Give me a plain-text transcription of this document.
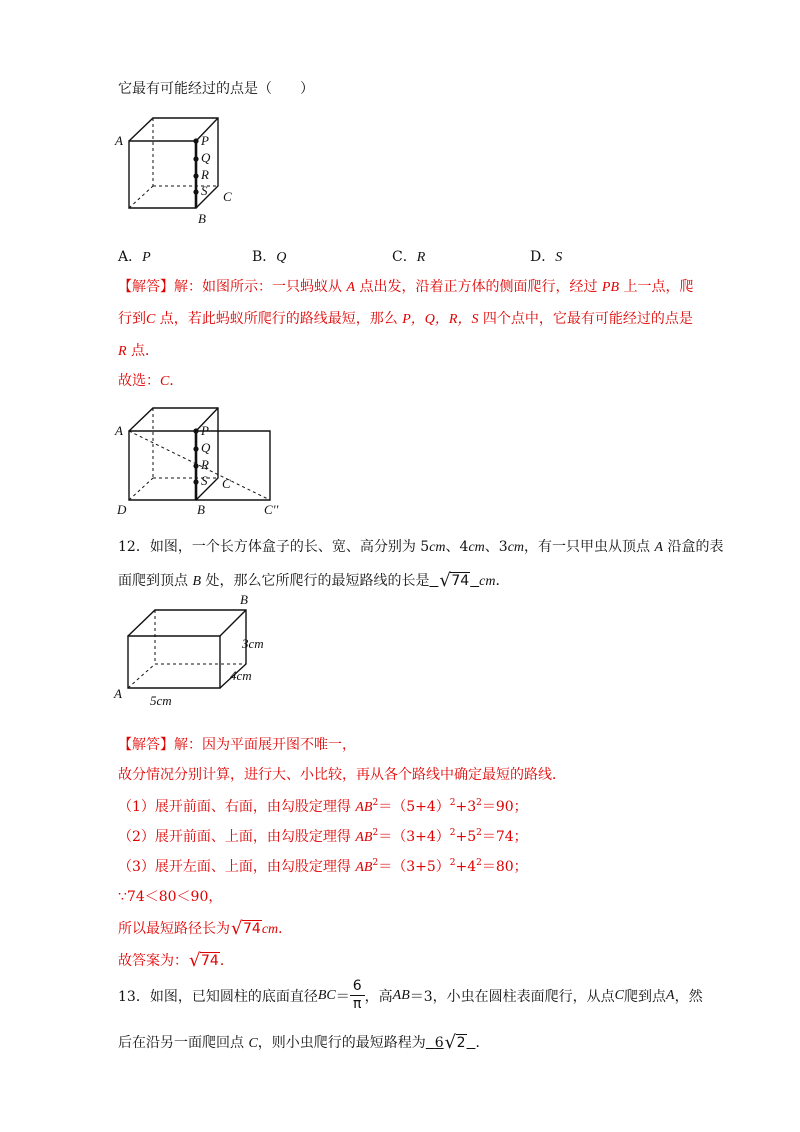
它最有可能经过的点是（　　）
A	P
Q
R
S C
B
A．P	B．Q	C．R	D．S
【解答】解：如图所示：一只蚂蚁从 A 点出发，沿着正方体的侧面爬行，经过 PB 上一点，爬
行到C 点，若此蚂蚁所爬行的路线最短，那么 P，Q，R，S 四个点中，它最有可能经过的点是
R 点．
故选：C．
A	P
Q
R
S C
D	B	C''
12．如图，一个长方体盒子的长、宽、高分别为 5cm、4cm、3cm，有一只甲虫从顶点 A 沿盒的表
面爬到顶点 B 处，那么它所爬行的最短路线的长是 √ 74 cm．
B
3cm
4cm
5cm
A
【解答】解：因为平面展开图不唯一，
故分情况分别计算，进行大、小比较，再从各个路线中确定最短的路线．
（1）展开前面、右面，由勾股定理得 $AB^2=(5+4)^2+3^2=90$；
（2）展开前面、上面，由勾股定理得 $AB^2=(3+4)^2+5^2=74$；
（3）展开左面、上面，由勾股定理得 $AB^2=(3+5)^2+4^2=80$；
∵74＜80＜90，
所以最短路径长为 √ 74cm．
故答案为： √ 74．
13． 如图，已知圆柱的底面直径 BC ＝ $\frac{6}{\pi}$ ，高 AB ＝3，小虫在圆柱表面爬行，从点 C 爬到点 A ，然
后在沿另一面爬回点 C，则小虫爬行的最短路程为 6 √ 2 ．
